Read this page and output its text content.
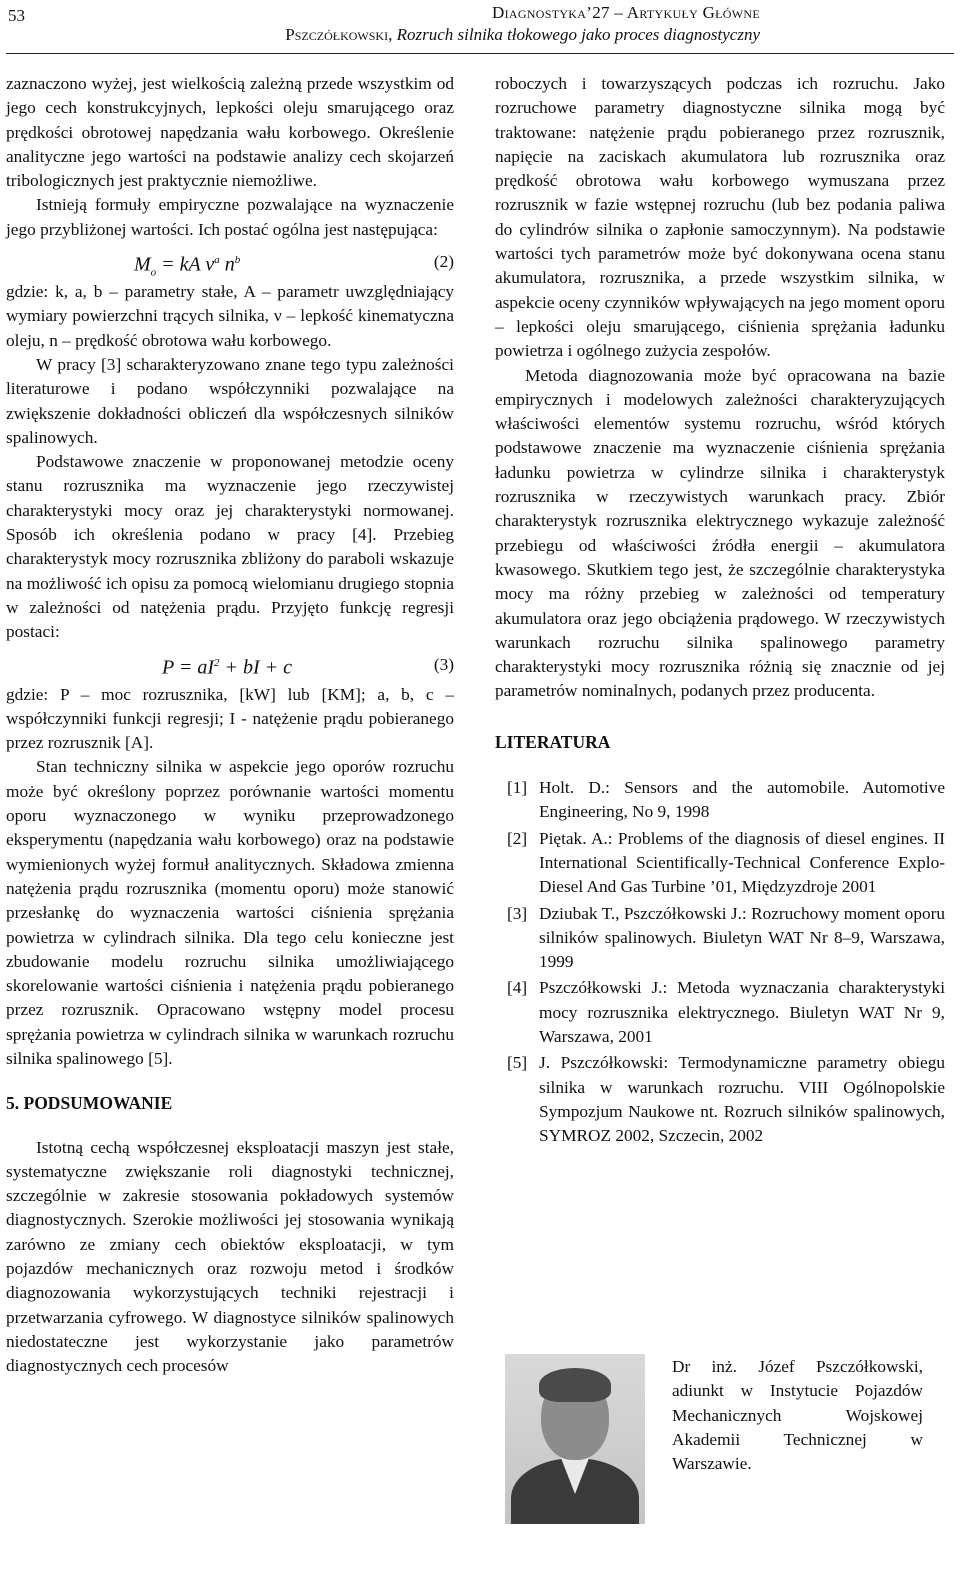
53	Diagnostyka’27 – Artykuły Główne
Pszczółkowski, Rozruch silnika tłokowego jako proces diagnostyczny

zaznaczono wyżej, jest wielkością zależną przede wszystkim od jego cech konstrukcyjnych, lepkości oleju smarującego oraz prędkości obrotowej napędzania wału korbowego. Określenie analityczne jego wartości na podstawie analizy cech skojarzeń tribologicznych jest praktycznie niemożliwe.

Istnieją formuły empiryczne pozwalające na wyznaczenie jego przybliżonej wartości. Ich postać ogólna jest następująca:

$M_o$ = kA $\nu^a$ $n^b$	(2)

gdzie: k, a, b – parametry stałe, A – parametr uwzględniający wymiary powierzchni trących silnika, ν – lepkość kinematyczna oleju, n – prędkość obrotowa wału korbowego.

W pracy [3] scharakteryzowano znane tego typu zależności literaturowe i podano współczynniki pozwalające na zwiększenie dokładności obliczeń dla współczesnych silników spalinowych.

Podstawowe znaczenie w proponowanej metodzie oceny stanu rozrusznika ma wyznaczenie jego rzeczywistej charakterystyki mocy oraz jej charakterystyki normowanej. Sposób ich określenia podano w pracy [4]. Przebieg charakterystyk mocy rozrusznika zbliżony do paraboli wskazuje na możliwość ich opisu za pomocą wielomianu drugiego stopnia w zależności od natężenia prądu. Przyjęto funkcję regresji postaci:

$P = aI^2$ + bI + c	(3)

gdzie: P – moc rozrusznika, [kW] lub [KM]; a, b, c – współczynniki funkcji regresji; I - natężenie prądu pobieranego przez rozrusznik [A].

Stan techniczny silnika w aspekcie jego oporów rozruchu może być określony poprzez porównanie wartości momentu oporu wyznaczonego w wyniku przeprowadzonego eksperymentu (napędzania wału korbowego) oraz na podstawie wymienionych wyżej formuł analitycznych. Składowa zmienna natężenia prądu rozrusznika (momentu oporu) może stanowić przesłankę do wyznaczenia wartości ciśnienia sprężania powietrza w cylindrach silnika. Dla tego celu konieczne jest zbudowanie modelu rozruchu silnika umożliwiającego skorelowanie wartości ciśnienia i natężenia prądu pobieranego przez rozrusznik. Opracowano wstępny model procesu sprężania powietrza w cylindrach silnika w warunkach rozruchu silnika spalinowego [5].

5. PODSUMOWANIE

Istotną cechą współczesnej eksploatacji maszyn jest stałe, systematyczne zwiększanie roli diagnostyki technicznej, szczególnie w zakresie stosowania pokładowych systemów diagnostycznych. Szerokie możliwości jej stosowania wynikają zarówno ze zmiany cech obiektów eksploatacji, w tym pojazdów mechanicznych oraz rozwoju metod i środków diagnozowania wykorzystujących techniki rejestracji i przetwarzania cyfrowego. W diagnostyce silników spalinowych niedostateczne jest wykorzystanie jako parametrów diagnostycznych cech procesów

roboczych i towarzyszących podczas ich rozruchu. Jako rozruchowe parametry diagnostyczne silnika mogą być traktowane: natężenie prądu pobieranego przez rozrusznik, napięcie na zaciskach akumulatora lub rozrusznika oraz prędkość obrotowa wału korbowego wymuszana przez rozrusznik w fazie wstępnej rozruchu (lub bez podania paliwa do cylindrów silnika o zapłonie samoczynnym). Na podstawie wartości tych parametrów może być dokonywana ocena stanu akumulatora, rozrusznika, a przede wszystkim silnika, w aspekcie oceny czynników wpływających na jego moment oporu – lepkości oleju smarującego, ciśnienia sprężania ładunku powietrza i ogólnego zużycia zespołów.

Metoda diagnozowania może być opracowana na bazie empirycznych i modelowych zależności charakteryzujących właściwości elementów systemu rozruchu, wśród których podstawowe znaczenie ma wyznaczenie ciśnienia sprężania ładunku powietrza w cylindrze silnika i charakterystyk rozrusznika w rzeczywistych warunkach pracy. Zbiór charakterystyk rozrusznika elektrycznego wykazuje zależność przebiegu od właściwości źródła energii – akumulatora kwasowego. Skutkiem tego jest, że szczególnie charakterystyka mocy ma różny przebieg w zależności od temperatury akumulatora oraz jego obciążenia prądowego. W rzeczywistych warunkach rozruchu silnika spalinowego parametry charakterystyki mocy rozrusznika różnią się znacznie od jej parametrów nominalnych, podanych przez producenta.

LITERATURA
[1] Holt. D.: Sensors and the automobile. Automotive Engineering, No 9, 1998
[2] Piętak. A.: Problems of the diagnosis of diesel engines. II International Scientifically-Technical Conference Explo-Diesel And Gas Turbine ’01, Międzyzdroje 2001
[3] Dziubak T., Pszczółkowski J.: Rozruchowy moment oporu silników spalinowych. Biuletyn WAT Nr 8–9, Warszawa, 1999
[4] Pszczółkowski J.: Metoda wyznaczania charakterystyki mocy rozrusznika elektrycznego. Biuletyn WAT Nr 9, Warszawa, 2001
[5] J. Pszczółkowski: Termodynamiczne parametry obiegu silnika w warunkach rozruchu. VIII Ogólnopolskie Sympozjum Naukowe nt. Rozruch silników spalinowych, SYMROZ 2002, Szczecin, 2002
Dr inż. Józef Pszczółkowski, adiunkt w Instytucie Pojazdów Mechanicznych Wojskowej Akademii Technicznej w Warszawie.
